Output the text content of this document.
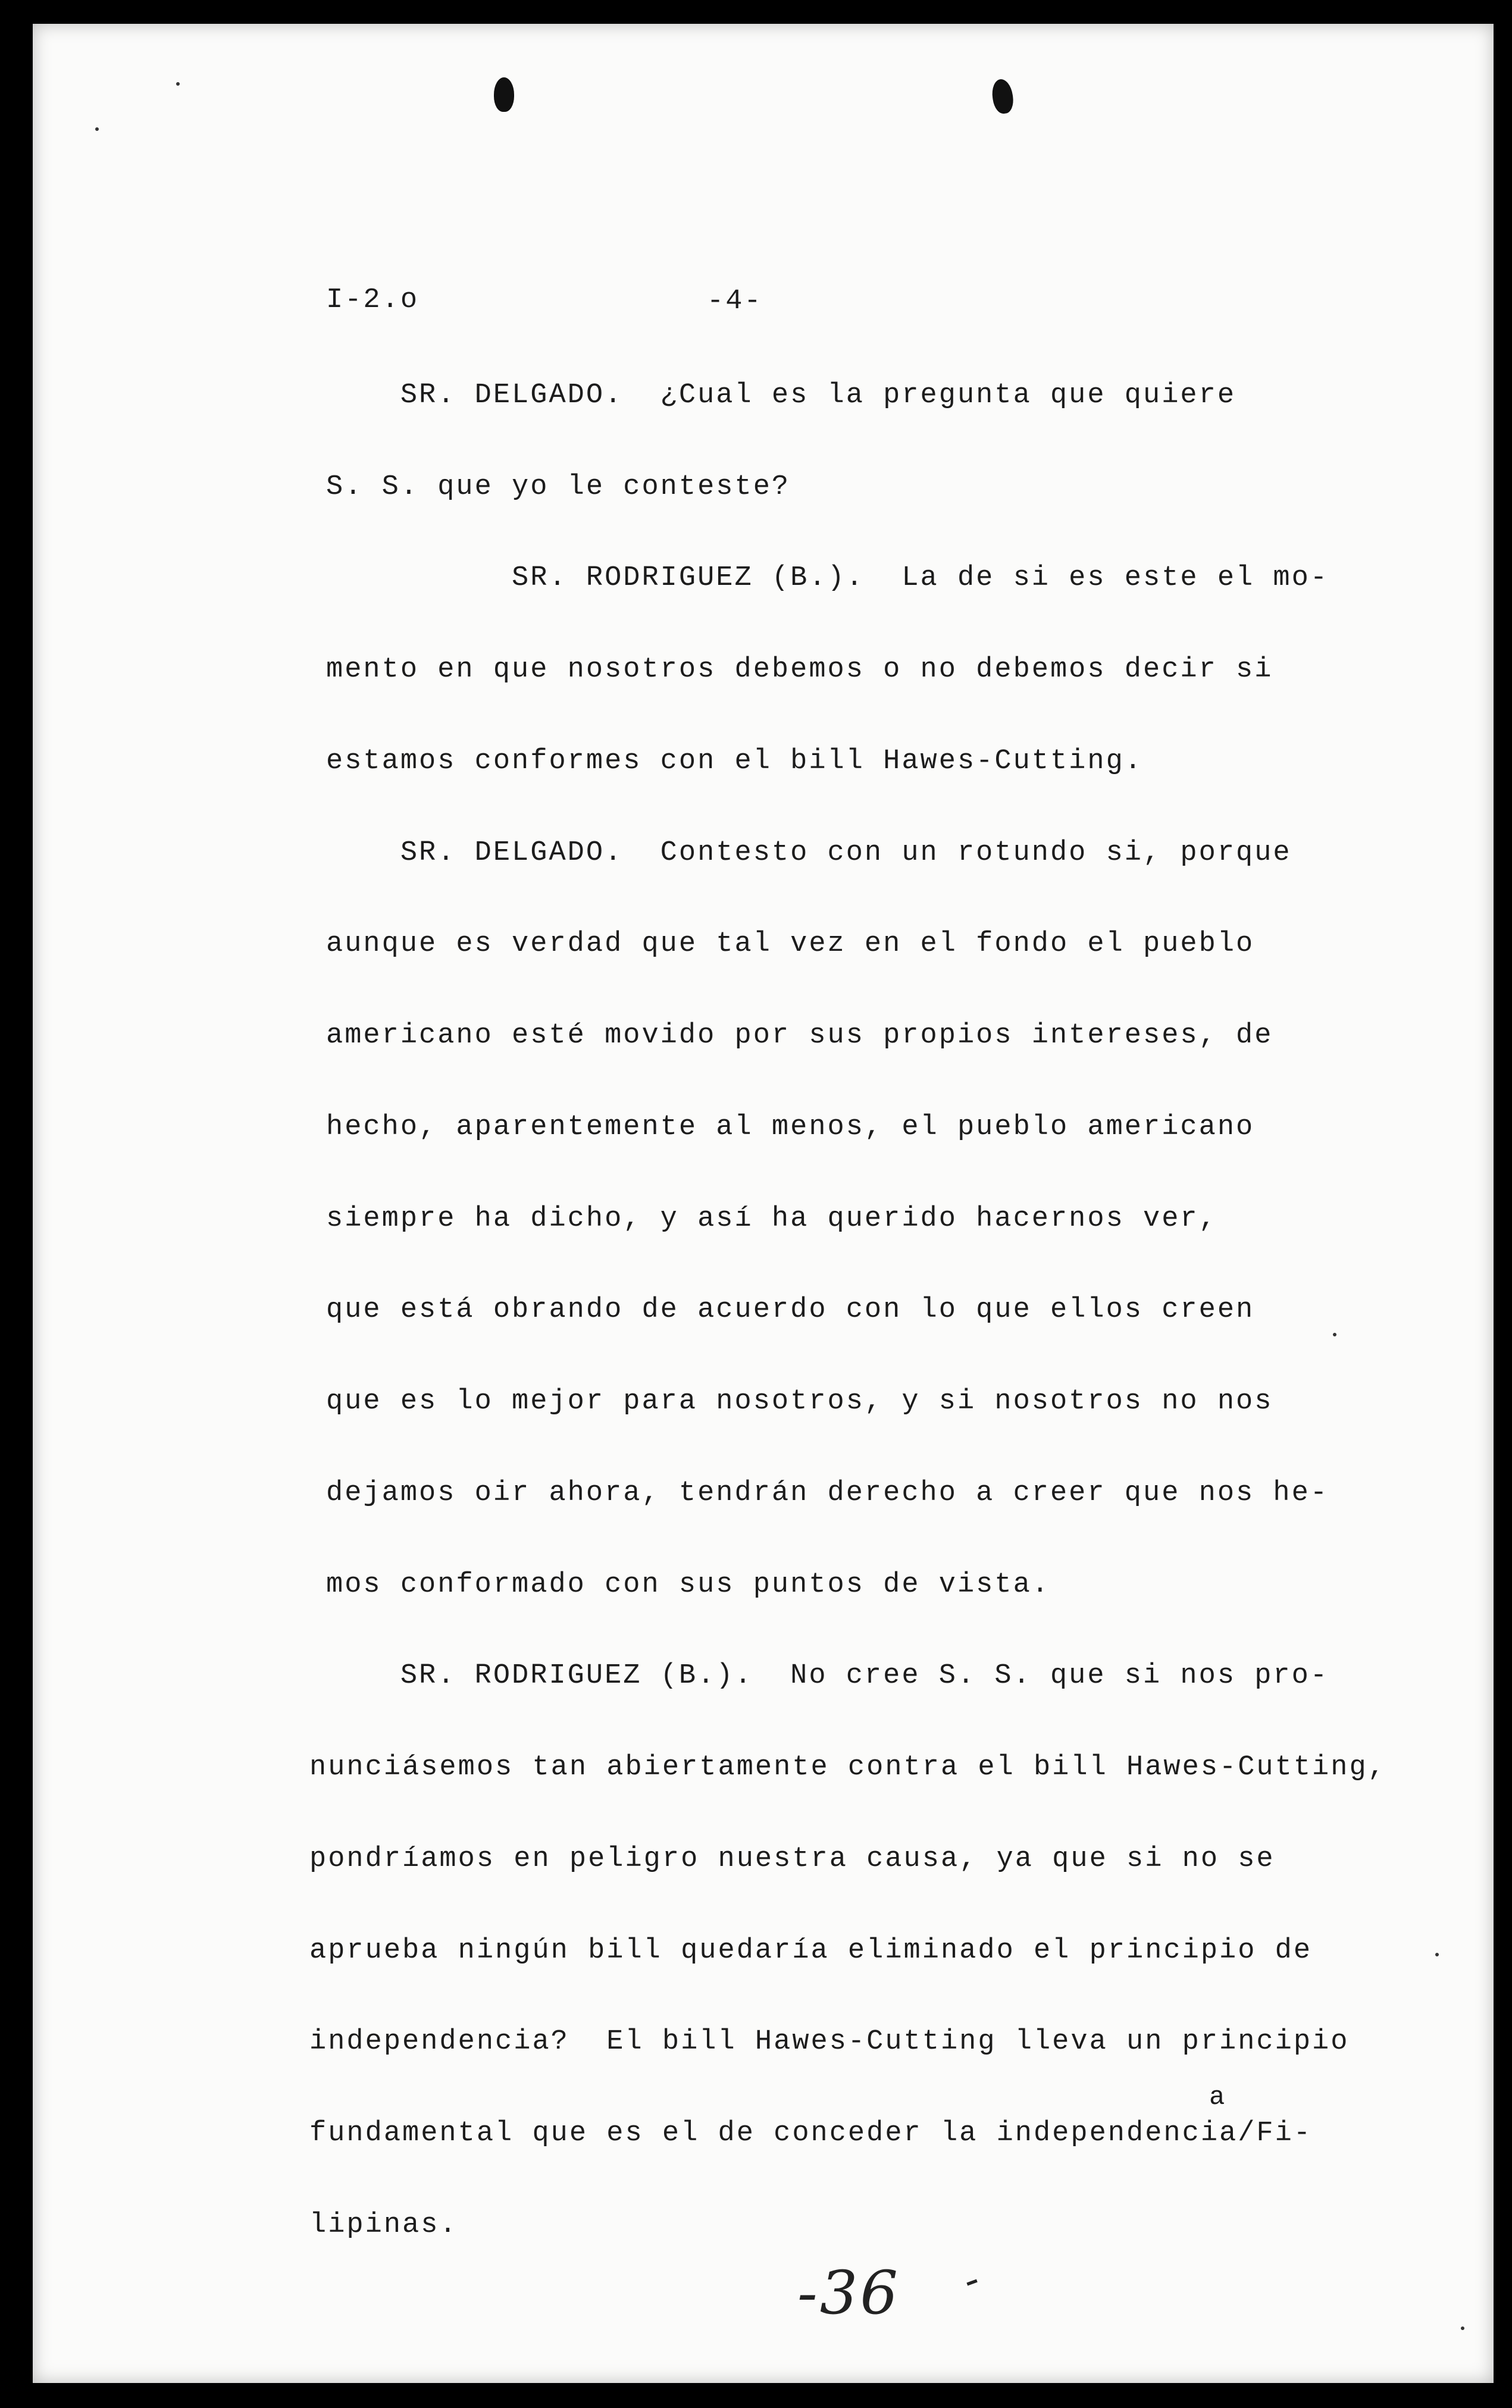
I-2.o	-4-
SR. DELGADO.  ¿Cual es la pregunta que quiere
S. S. que yo le conteste?
SR. RODRIGUEZ (B.).  La de si es este el mo-
mento en que nosotros debemos o no debemos decir si
estamos conformes con el bill Hawes-Cutting.
SR. DELGADO.  Contesto con un rotundo si, porque
aunque es verdad que tal vez en el fondo el pueblo
americano esté movido por sus propios intereses, de
hecho, aparentemente al menos, el pueblo americano
siempre ha dicho, y así ha querido hacernos ver,
que está obrando de acuerdo con lo que ellos creen
que es lo mejor para nosotros, y si nosotros no nos
dejamos oir ahora, tendrán derecho a creer que nos he-
mos conformado con sus puntos de vista.
SR. RODRIGUEZ (B.).  No cree S. S. que si nos pro-
nunciásemos tan abiertamente contra el bill Hawes-Cutting,
pondríamos en peligro nuestra causa, ya que si no se
aprueba ningún bill quedaría eliminado el principio de
independencia?  El bill Hawes-Cutting lleva un principio
fundamental que es el de conceder la independencia/Fi-
lipinas.
a
-36 -
